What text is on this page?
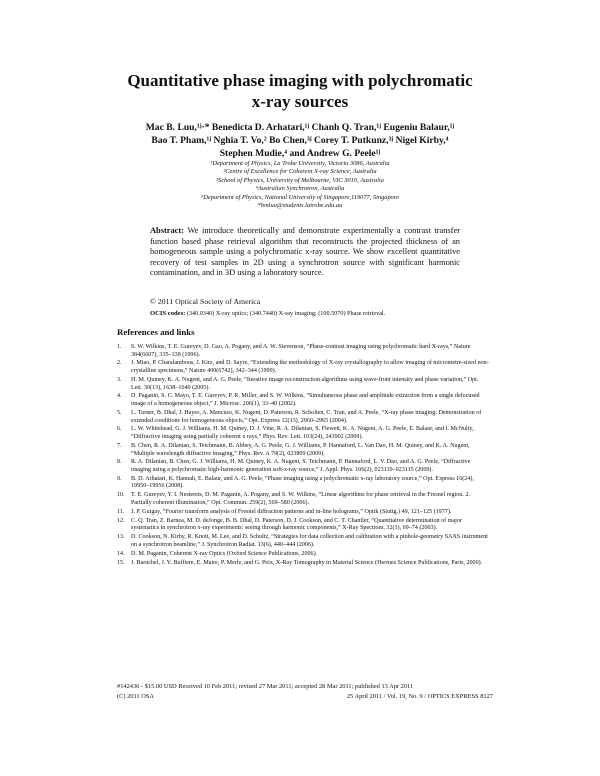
Quantitative phase imaging with polychromatic
x-ray sources
Mac B. Luu,¹ʲ·* Benedicta D. Arhatari,¹ʲ Chanh Q. Tran,¹ʲ Eugeniu Balaur,¹ʲ
Bao T. Pham,¹ʲ Nghia T. Vo,² Bo Chen,³ʲ Corey T. Putkunz,³ʲ Nigel Kirby,⁴
Stephen Mudie,⁴ and Andrew G. Peele¹ʲ
¹Department of Physics, La Trobe University, Victoria 3086, Australia
²Centre of Excellence for Coherent X-ray Science, Australia
³School of Physics, University of Melbourne, VIC 3010, Australia
⁴Australian Synchrotron, Australia
⁵Department of Physics, National University of Singapore,119077, Singapore
*bmluu@students.latrobe.edu.au
Abstract: We introduce theoretically and demonstrate experimentally a contrast transfer function based phase retrieval algorithm that reconstructs the projected thickness of an homogeneous sample using a polychromatic x-ray source. We show excellent quantitative recovery of test samples in 2D using a synchrotron source with significant harmonic contamination, and in 3D using a laboratory source.
© 2011 Optical Society of America
OCIS codes: (340.0340) X-ray optics; (340.7440) X-ray imaging; (100.5070) Phase retrieval.
References and links
1.	S. W. Wilkins, T. E. Gureyev, D. Gao, A. Pogany, and A. W. Stevenson, “Phase-contrast imaging using polychromatic hard X-rays,” Nature 384(6607), 335–338 (1996).
2.	J. Miao, P. Charalambous, J. Kirz, and D. Sayre, “Extending the methodology of X-ray crystallography to allow imaging of micrometre-sized non-crystalline specimens,” Nature 400(6742), 342–344 (1999).
3.	H. M. Quiney, K. A. Nugent, and A. G. Peele, “Iterative image reconstruction algorithms using wave-front intensity and phase variation,” Opt. Lett. 30(13), 1638–1640 (2005).
4.	D. Paganin, S. C. Mayo, T. E. Gureyev, P. R. Miller, and S. W. Wilkins, “Simultaneous phase and amplitude extraction from a single defocused image of a homogeneous object,” J. Microsc. 206(1), 33–40 (2002).
5.	L. Turner, B. Dhal, J. Hayes, A. Mancuso, K. Nugent, D. Paterson, R. Scholten, C. Tran, and A. Peele, “X-ray phase imaging: Demonstration of extended conditions for homogeneous objects,” Opt. Express 12(13), 2960–2965 (2004).
6.	L. W. Whitehead, G. J. Williams, H. M. Quiney, D. J. Vine, R. A. Dilanian, S. Flewett, K. A. Nugent, A. G. Peele, E. Balaur, and I. McNulty, “Diffractive imaging using partially coherent x rays,” Phys. Rev. Lett. 103(24), 243902 (2009).
7.	B. Chen, R. A. Dilanian, S. Teichmann, B. Abbey, A. G. Peele, G. J. Williams, P. Hannaford, L. Van Dao, H. M. Quiney, and K. A. Nugent, “Multiple wavelength diffractive imaging,” Phys. Rev. A 79(2), 023809 (2009).
8.	R. A. Dilanian, B. Chen, G. J. Williams, H. M. Quiney, K. A. Nugent, S. Teichmann, P. Hannaford, L. V. Dao, and A. G. Peele, “Diffractive imaging using a polychromatic high-harmonic generation soft-x-ray source,” J. Appl. Phys. 106(2), 023110–023115 (2009).
9.	B. D. Arhatari, K. Hannah, E. Balaur, and A. G. Peele, “Phase imaging using a polychromatic x-ray laboratory source,” Opt. Express 16(24), 19950–19956 (2008).
10.	T. E. Gureyev, Y. I. Nesterets, D. M. Paganin, A. Pogany, and S. W. Wilkins, “Linear algorithms for phase retrieval in the Fresnel region. 2. Partially coherent illumination,” Opt. Commun. 259(2), 569–580 (2006).
11.	J. P. Guigay, “Fourier transform analysis of Fresnel diffraction patterns and in-line holograms,” Optik (Stuttg.) 49, 121–125 (1977).
12.	C. Q. Tran, Z. Barnea, M. D. deJonge, B. B. Dhal, D. Paterson, D. J. Cookson, and C. T. Chantler, “Quantitative determination of major systematics in synchrotron x-ray experiments: seeing through harmonic components,” X-Ray Spectrom. 32(1), 69–74 (2003).
13.	D. Cookson, N. Kirby, R. Knott, M. Lee, and D. Schultz, “Strategies for data collection and calibration with a pinhole-geometry SAXS instrument on a synchrotron beamline,” J. Synchrotron Radiat. 13(6), 440–444 (2006).
14.	D. M. Paganin, Coherent X-ray Optics (Oxford Science Publications, 2006).
15.	J. Baruchel, J. Y. Buffiere, E. Maire, P. Merle, and G. Peix, X-Ray Tomography in Material Science (Hermes Science Publications, Paris, 2000).
#142436 - $15.00 USD Received 10 Feb 2011; revised 27 Mar 2011; accepted 28 Mar 2011; published 13 Apr 2011
(C) 2011 OSA	25 April 2011 / Vol. 19, No. 9 / OPTICS EXPRESS 8127
